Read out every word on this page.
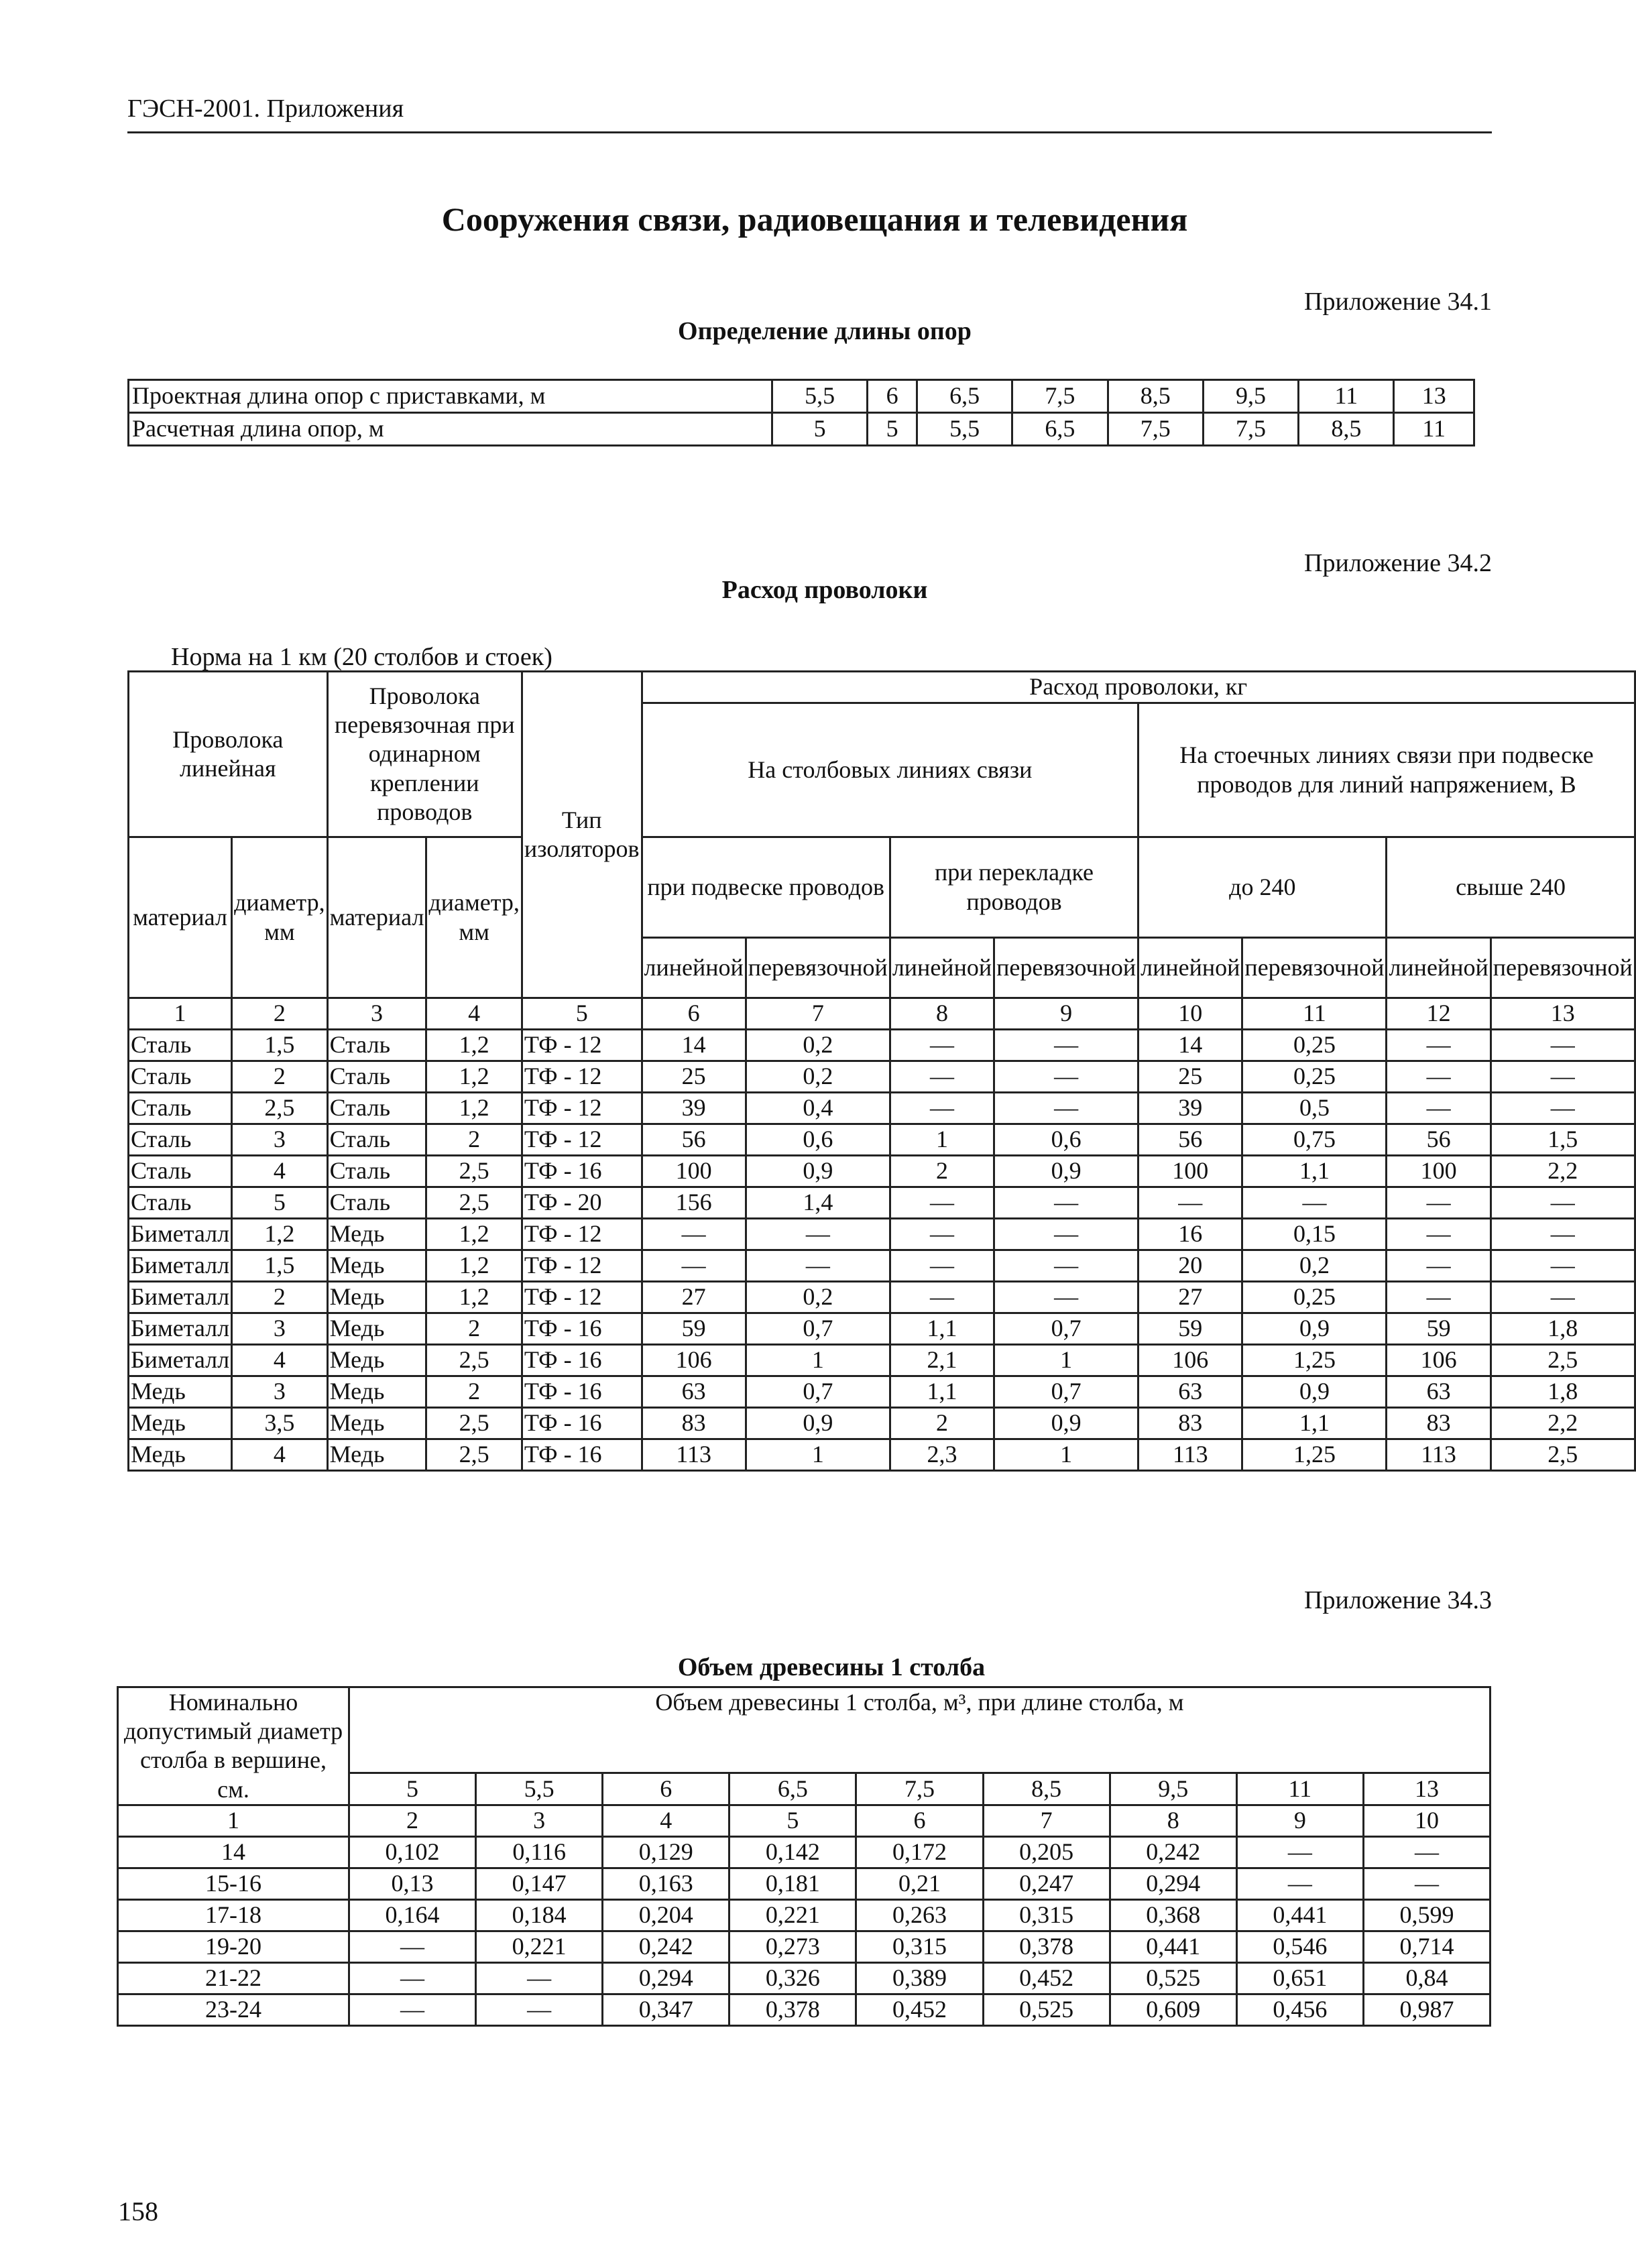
ГЭСН-2001. Приложения
Сооружения связи, радиовещания и телевидения
Приложение 34.1
Определение длины опор
Проектная длина опор с приставками, м	5,5	6	6,5	7,5	8,5	9,5	11	13
Расчетная длина опор, м	5	5	5,5	6,5	7,5	7,5	8,5	11
Приложение 34.2
Расход проволоки
Норма на 1 км (20 столбов и стоек)
Проволока линейная		Проволока перевязочная при одинарном креплении проводов		Тип изоляторов	Расход проволоки, кг							
					На столбовых линиях связи				На стоечных линиях связи при подвеске проводов для линий напряжением, В			
материал	диаметр, мм	материал	диаметр, мм		при подвеске проводов		при перекладке проводов		до 240		свыше 240	
					линейной	перевязочной	линейной	перевязочной	линейной	перевязочной	линейной	перевязочной
1	2	3	4	5	6	7	8	9	10	11	12	13
Сталь	1,5	Сталь	1,2	ТФ - 12	14	0,2	—	—	14	0,25	—	—
Сталь	2	Сталь	1,2	ТФ - 12	25	0,2	—	—	25	0,25	—	—
Сталь	2,5	Сталь	1,2	ТФ - 12	39	0,4	—	—	39	0,5	—	—
Сталь	3	Сталь	2	ТФ - 12	56	0,6	1	0,6	56	0,75	56	1,5
Сталь	4	Сталь	2,5	ТФ - 16	100	0,9	2	0,9	100	1,1	100	2,2
Сталь	5	Сталь	2,5	ТФ - 20	156	1,4	—	—	—	—	—	—
Биметалл	1,2	Медь	1,2	ТФ - 12	—	—	—	—	16	0,15	—	—
Биметалл	1,5	Медь	1,2	ТФ - 12	—	—	—	—	20	0,2	—	—
Биметалл	2	Медь	1,2	ТФ - 12	27	0,2	—	—	27	0,25	—	—
Биметалл	3	Медь	2	ТФ - 16	59	0,7	1,1	0,7	59	0,9	59	1,8
Биметалл	4	Медь	2,5	ТФ - 16	106	1	2,1	1	106	1,25	106	2,5
Медь	3	Медь	2	ТФ - 16	63	0,7	1,1	0,7	63	0,9	63	1,8
Медь	3,5	Медь	2,5	ТФ - 16	83	0,9	2	0,9	83	1,1	83	2,2
Медь	4	Медь	2,5	ТФ - 16	113	1	2,3	1	113	1,25	113	2,5
Приложение 34.3
Объем древесины 1 столба
Номинально допустимый диаметр столба в вершине, см.	Объем древесины 1 столба, м³, при длине столба, м								
	5	5,5	6	6,5	7,5	8,5	9,5	11	13
1	2	3	4	5	6	7	8	9	10
14	0,102	0,116	0,129	0,142	0,172	0,205	0,242	—	—
15-16	0,13	0,147	0,163	0,181	0,21	0,247	0,294	—	—
17-18	0,164	0,184	0,204	0,221	0,263	0,315	0,368	0,441	0,599
19-20	—	0,221	0,242	0,273	0,315	0,378	0,441	0,546	0,714
21-22	—	—	0,294	0,326	0,389	0,452	0,525	0,651	0,84
23-24	—	—	0,347	0,378	0,452	0,525	0,609	0,456	0,987
158
